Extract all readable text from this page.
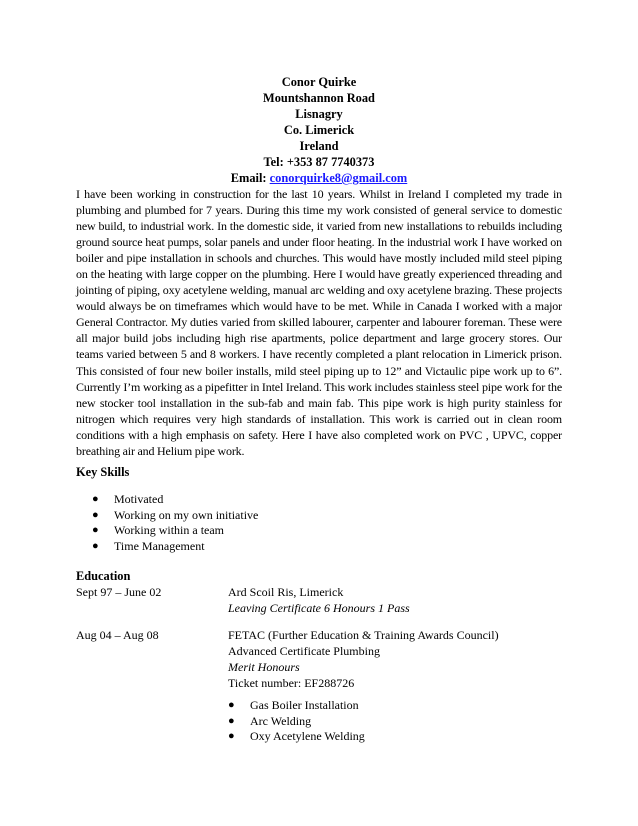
Conor Quirke
Mountshannon Road
Lisnagry
Co. Limerick
Ireland
Tel: +353 87 7740373
Email: conorquirke8@gmail.com
I have been working in construction for the last 10 years. Whilst in Ireland I completed my trade in plumbing and plumbed for 7 years. During this time my work consisted of general service to domestic new build, to industrial work. In the domestic side, it varied from new installations to rebuilds including ground source heat pumps, solar panels and under floor heating. In the industrial work I have worked on boiler and pipe installation in schools and churches. This would have mostly included mild steel piping on the heating with large copper on the plumbing. Here I would have greatly experienced threading and jointing of piping, oxy acetylene welding, manual arc welding and oxy acetylene brazing. These projects would always be on timeframes which would have to be met. While in Canada I worked with a major General Contractor. My duties varied from skilled labourer, carpenter and labourer foreman. These were all major build jobs including high rise apartments, police department and large grocery stores. Our teams varied between 5 and 8 workers. I have recently completed a plant relocation in Limerick prison. This consisted of four new boiler installs, mild steel piping up to 12” and Victaulic pipe work up to 6”. Currently I’m working as a pipefitter in Intel Ireland. This work includes stainless steel pipe work for the new stocker tool installation in the sub-fab and main fab. This pipe work is high purity stainless for nitrogen which requires very high standards of installation. This work is carried out in clean room conditions with a high emphasis on safety. Here I have also completed work on PVC , UPVC, copper breathing air and Helium pipe work.
Key Skills
● Motivated
● Working on my own initiative
● Working within a team
● Time Management
Education
Sept 97 – June 02	Ard Scoil Ris, Limerick
Leaving Certificate 6 Honours 1 Pass
Aug 04 – Aug 08	FETAC (Further Education & Training Awards Council)
Advanced Certificate Plumbing
Merit Honours
Ticket number: EF288726
● Gas Boiler Installation
● Arc Welding
● Oxy Acetylene Welding
